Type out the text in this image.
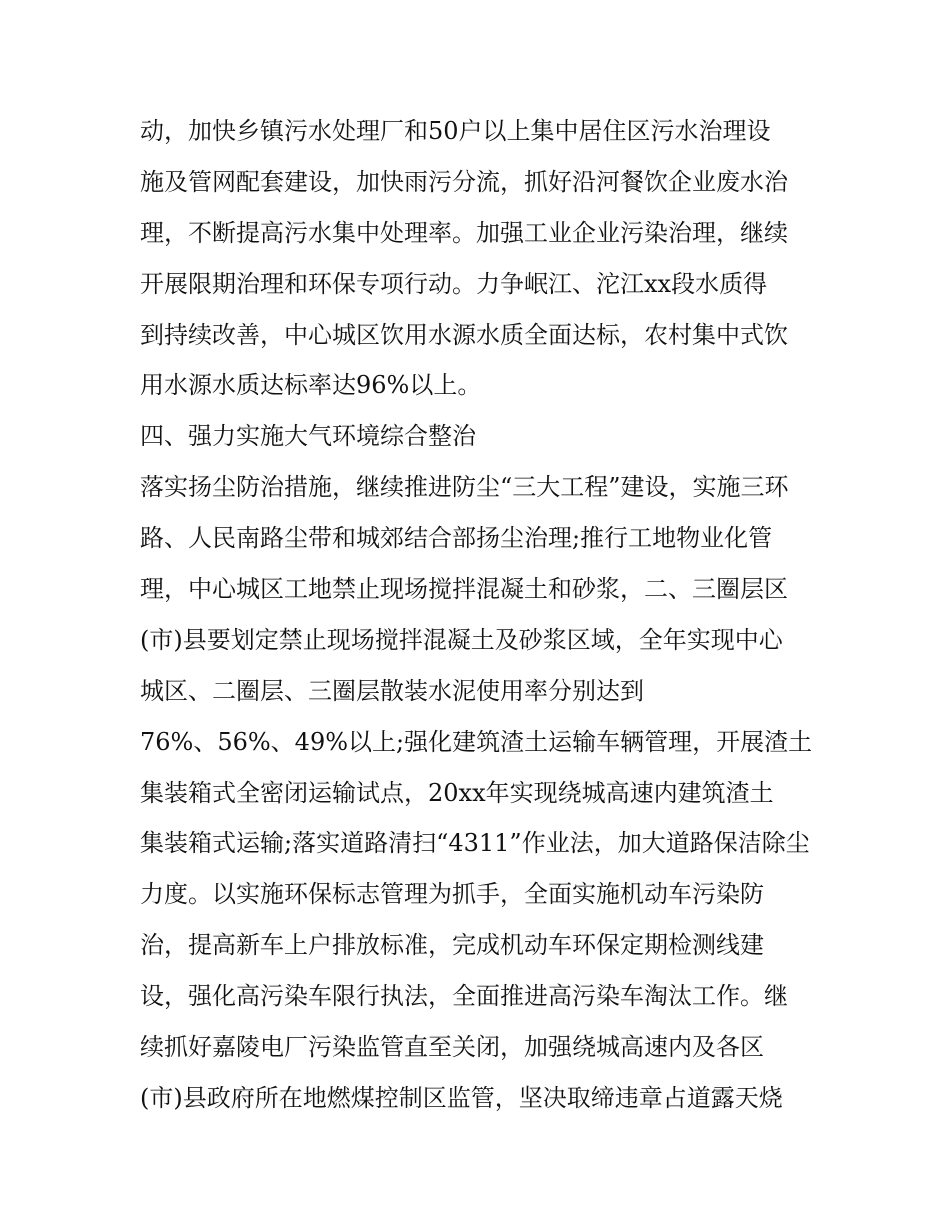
动，加快乡镇污水处理厂和50户以上集中居住区污水治理设
施及管网配套建设，加快雨污分流，抓好沿河餐饮企业废水治
理，不断提高污水集中处理率。加强工业企业污染治理，继续
开展限期治理和环保专项行动。力争岷江、沱江xx段水质得
到持续改善，中心城区饮用水源水质全面达标，农村集中式饮
用水源水质达标率达96%以上。
四、强力实施大气环境综合整治
落实扬尘防治措施，继续推进防尘“三大工程”建设，实施三环
路、人民南路尘带和城郊结合部扬尘治理;推行工地物业化管
理，中心城区工地禁止现场搅拌混凝土和砂浆，二、三圈层区
(市)县要划定禁止现场搅拌混凝土及砂浆区域，全年实现中心
城区、二圈层、三圈层散装水泥使用率分别达到
76%、56%、49%以上;强化建筑渣土运输车辆管理，开展渣土
集装箱式全密闭运输试点，20xx年实现绕城高速内建筑渣土
集装箱式运输;落实道路清扫“4311”作业法，加大道路保洁除尘
力度。以实施环保标志管理为抓手，全面实施机动车污染防
治，提高新车上户排放标准，完成机动车环保定期检测线建
设，强化高污染车限行执法，全面推进高污染车淘汰工作。继
续抓好嘉陵电厂污染监管直至关闭，加强绕城高速内及各区
(市)县政府所在地燃煤控制区监管，坚决取缔违章占道露天烧
